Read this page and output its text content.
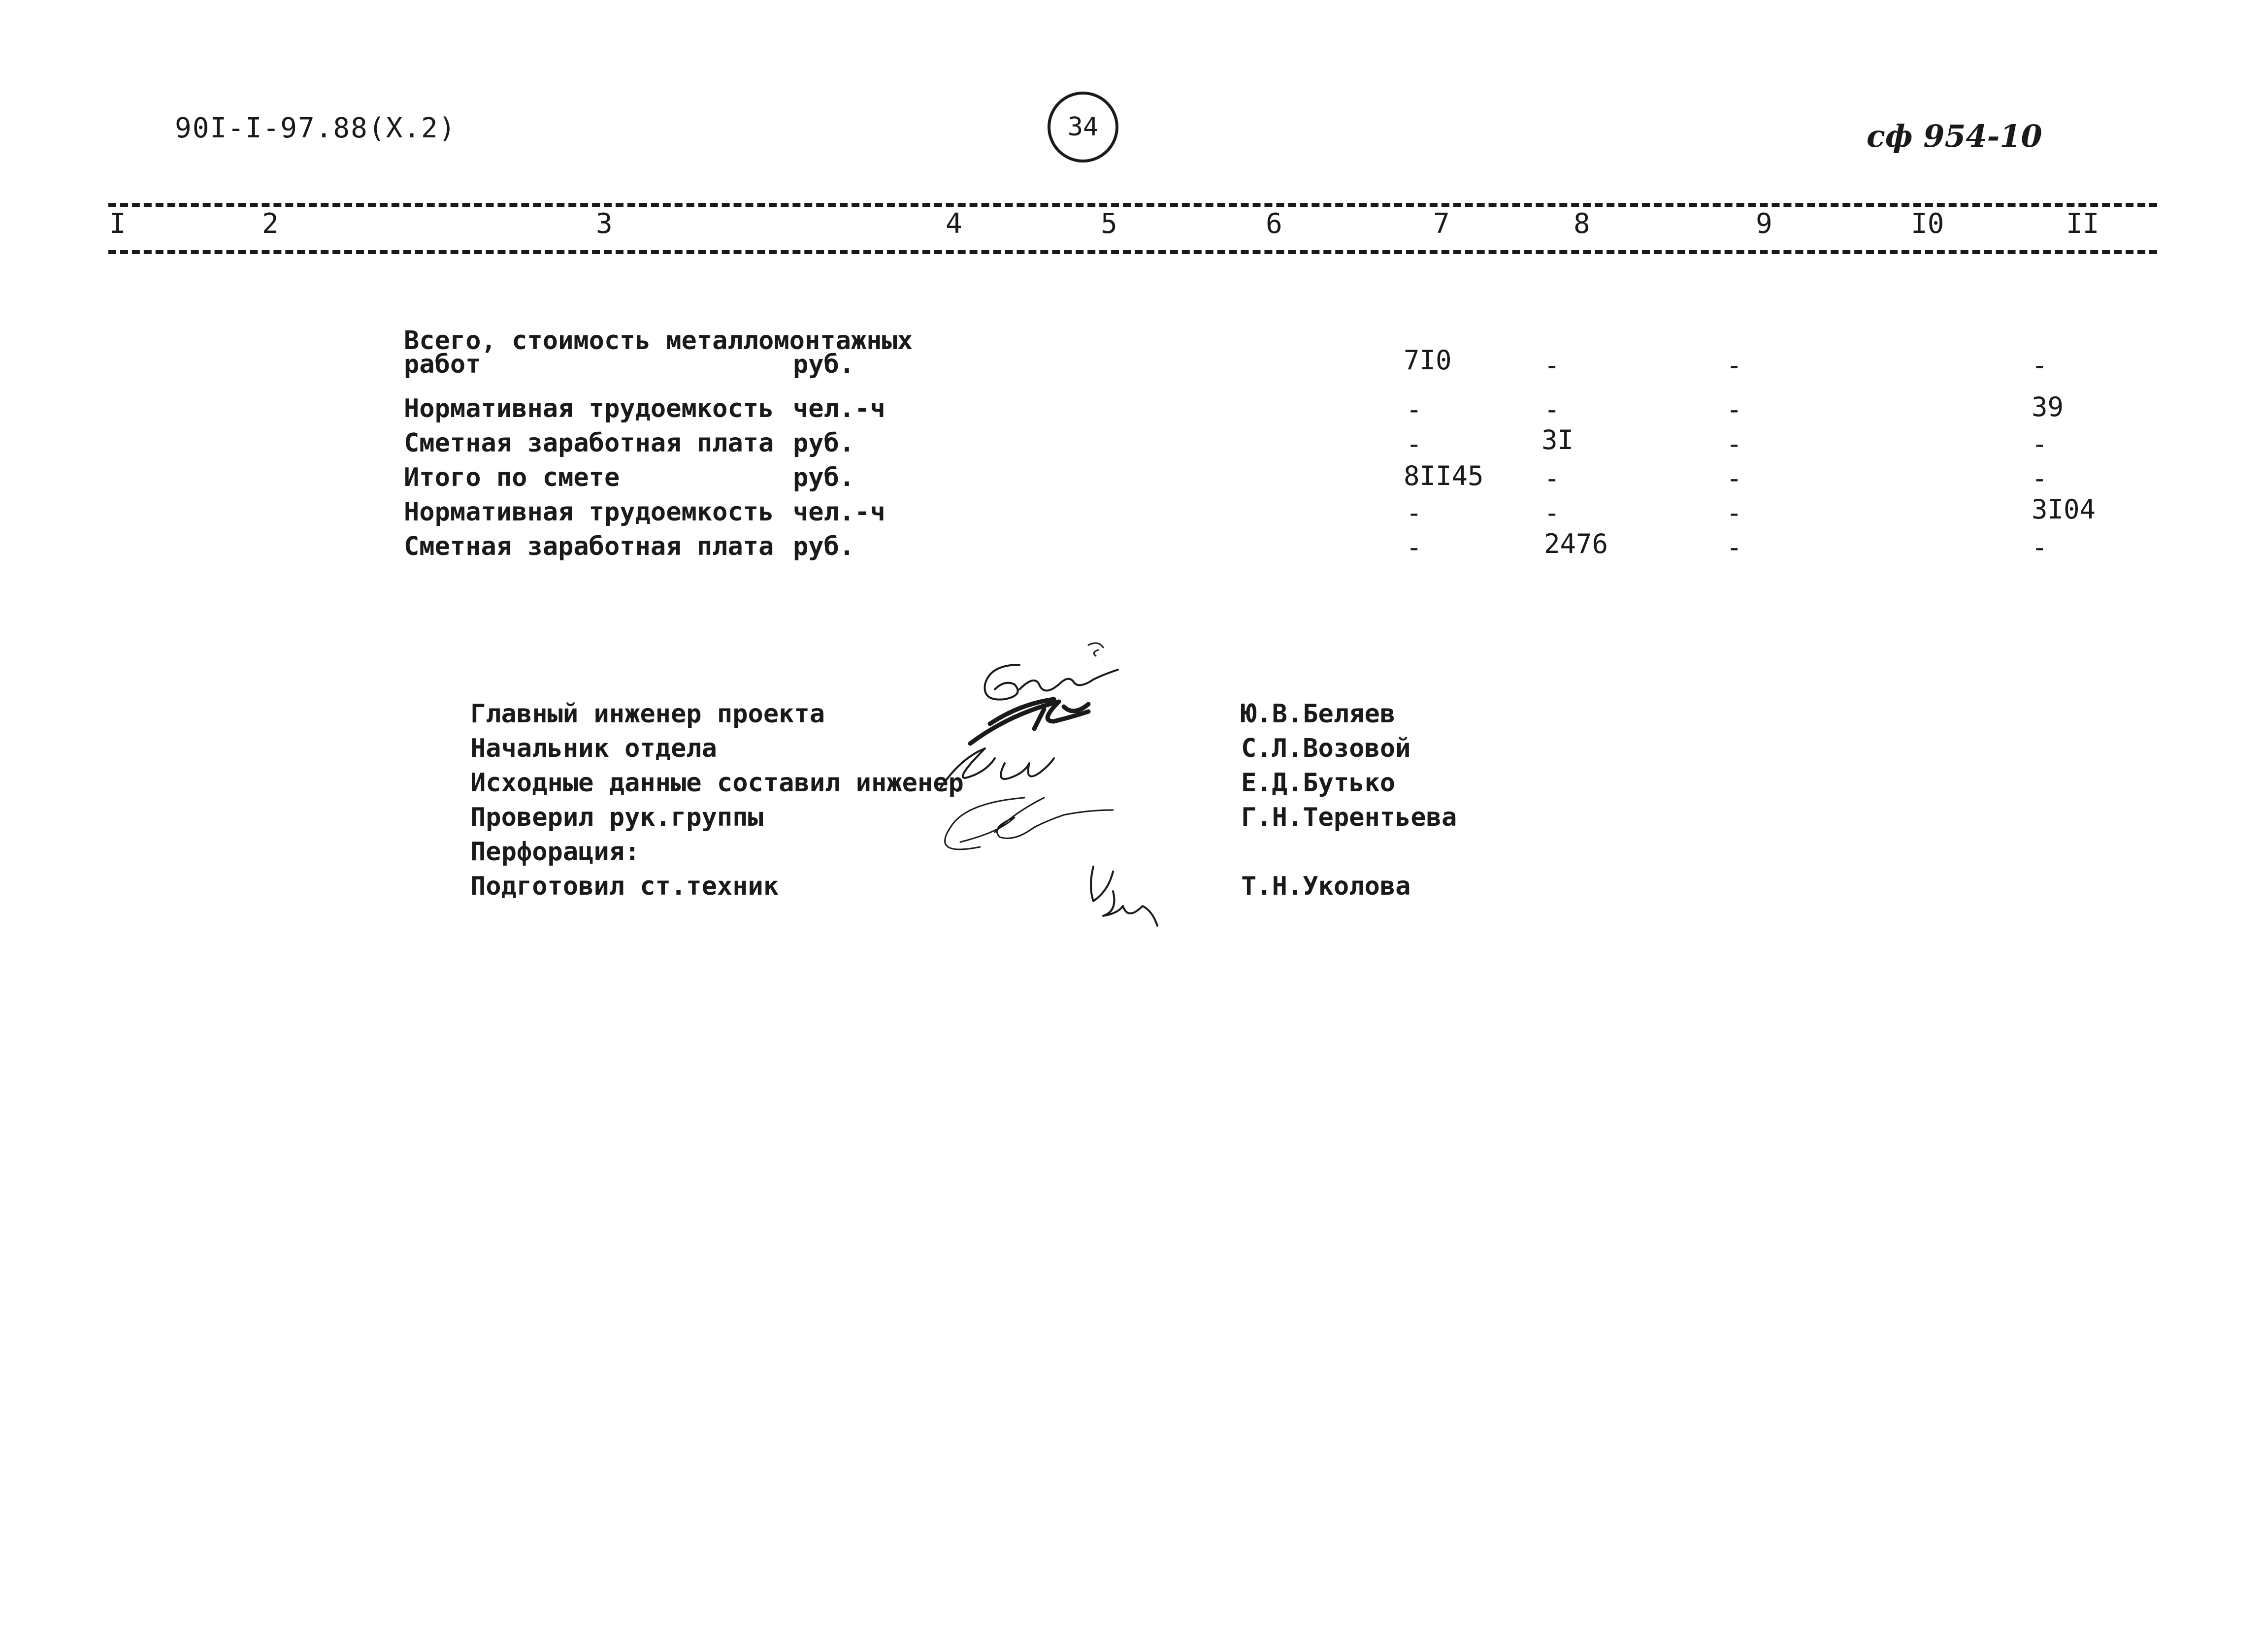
90I-I-97.88(X.2)	34	сф 954-10
I	2	3	4	5	6	7	8	9	I0	II
Всего, стоимость металломонтажных
работ	руб.	7I0	-	-	-
Нормативная трудоемкость чел.-ч	-	-	-	39
Сметная заработная плата руб.	-	3I	-	-
Итого по смете	руб.	8II45 -	-	-
Нормативная трудоемкость чел.-ч	-	-	-	3I04
Сметная заработная плата руб.	-	2476	-	-
Главный инженер проекта	Ю.В.Беляев
Начальник отдела	С.Л.Возовой
Исходные данные составил инженер	Е.Д.Бутько
Проверил рук.группы	Г.Н.Терентьева
Перфорация:
Подготовил ст.техник	Т.Н.Уколова
